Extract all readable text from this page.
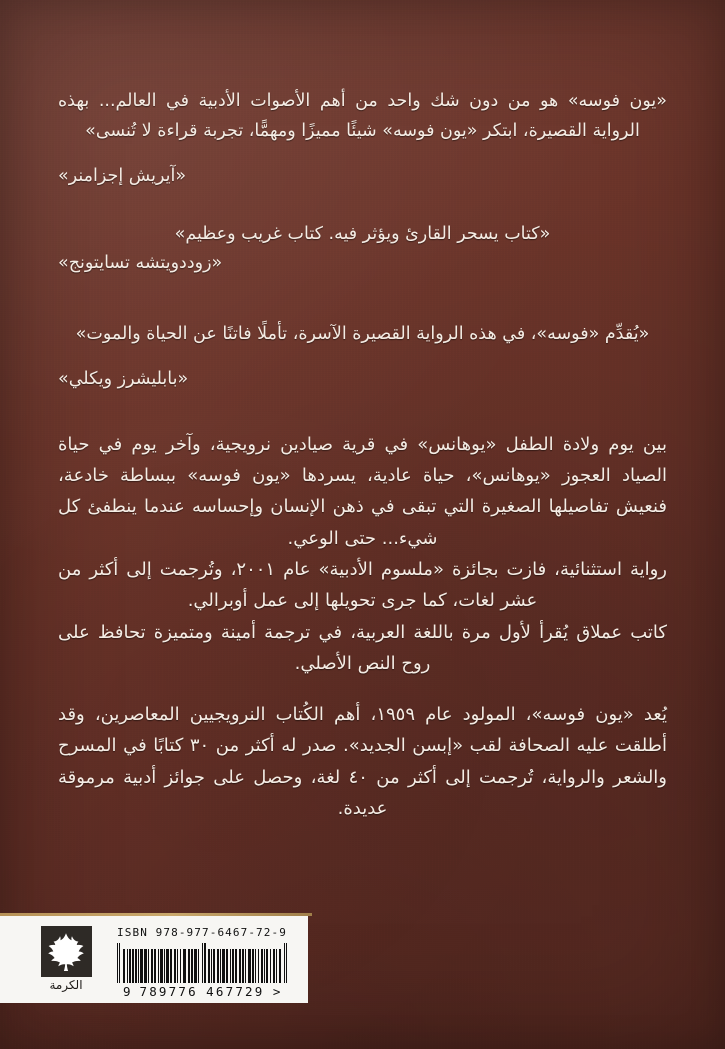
«يون فوسه» هو من دون شك واحد من أهم الأصوات الأدبية في العالم... بهذه الرواية القصيرة، ابتكر «يون فوسه» شيئًا مميزًا ومهمًّا، تجربة قراءة لا تُنسى»

«آيريش إجزامنر»

«كتاب يسحر القارئ ويؤثر فيه. كتاب غريب وعظيم»

«زوددويتشه تسايتونج»

«يُقدِّم «فوسه»، في هذه الرواية القصيرة الآسرة، تأملًا فاتنًا عن الحياة والموت»

«بابليشرز ويكلي»

بين يوم ولادة الطفل «يوهانس» في قرية صيادين نرويجية، وآخر يوم في حياة الصياد العجوز «يوهانس»، حياة عادية، يسردها «يون فوسه» ببساطة خادعة، فنعيش تفاصيلها الصغيرة التي تبقى في ذهن الإنسان وإحساسه عندما ينطفئ كل شيء... حتى الوعي.

رواية استثنائية، فازت بجائزة «ملسوم الأدبية» عام ٢٠٠١، وتُرجمت إلى أكثر من عشر لغات، كما جرى تحويلها إلى عمل أوبرالي.

كاتب عملاق يُقرأ لأول مرة باللغة العربية، في ترجمة أمينة ومتميزة تحافظ على روح النص الأصلي.

يُعد «يون فوسه»، المولود عام ١٩٥٩، أهم الكُتاب النرويجيين المعاصرين، وقد أطلقت عليه الصحافة لقب «إبسن الجديد». صدر له أكثر من ٣٠ كتابًا في المسرح والشعر والرواية، تُرجمت إلى أكثر من ٤٠ لغة، وحصل على جوائز أدبية مرموقة عديدة.

الكرمة
ISBN 978-977-6467-72-9
9 789776 467729 >
